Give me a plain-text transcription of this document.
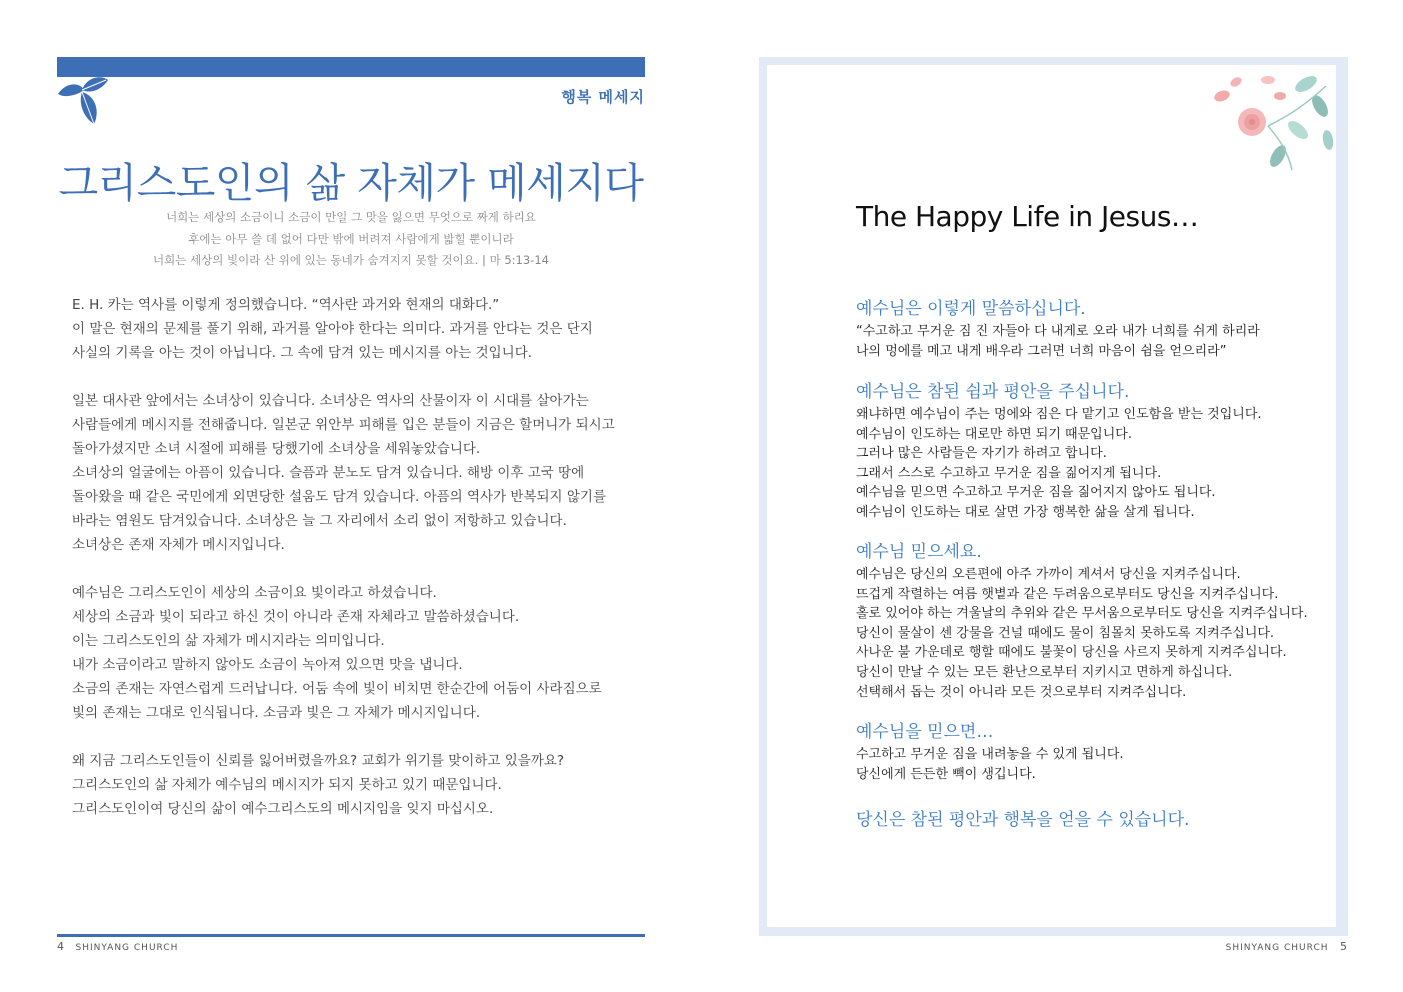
행복 메세지
그리스도인의 삶 자체가 메세지다
너희는 세상의 소금이니 소금이 만일 그 맛을 잃으면 무엇으로 짜게 하리요
후에는 아무 쓸 데 없어 다만 밖에 버려져 사람에게 밟힐 뿐이니라
너희는 세상의 빛이라 산 위에 있는 동네가 숨겨지지 못할 것이요. | 마 5:13-14

E. H. 카는 역사를 이렇게 정의했습니다. “역사란 과거와 현재의 대화다.”
이 말은 현재의 문제를 풀기 위해, 과거를 알아야 한다는 의미다. 과거를 안다는 것은 단지
사실의 기록을 아는 것이 아닙니다. 그 속에 담겨 있는 메시지를 아는 것입니다.

일본 대사관 앞에서는 소녀상이 있습니다. 소녀상은 역사의 산물이자 이 시대를 살아가는
사람들에게 메시지를 전해줍니다. 일본군 위안부 피해를 입은 분들이 지금은 할머니가 되시고
돌아가셨지만 소녀 시절에 피해를 당했기에 소녀상을 세워놓았습니다.
소녀상의 얼굴에는 아픔이 있습니다. 슬픔과 분노도 담겨 있습니다. 해방 이후 고국 땅에
돌아왔을 때 같은 국민에게 외면당한 설움도 담겨 있습니다. 아픔의 역사가 반복되지 않기를
바라는 염원도 담겨있습니다. 소녀상은 늘 그 자리에서 소리 없이 저항하고 있습니다.
소녀상은 존재 자체가 메시지입니다.

예수님은 그리스도인이 세상의 소금이요 빛이라고 하셨습니다.
세상의 소금과 빛이 되라고 하신 것이 아니라 존재 자체라고 말씀하셨습니다.
이는 그리스도인의 삶 자체가 메시지라는 의미입니다.
내가 소금이라고 말하지 않아도 소금이 녹아져 있으면 맛을 냅니다.
소금의 존재는 자연스럽게 드러납니다. 어둠 속에 빛이 비치면 한순간에 어둠이 사라짐으로
빛의 존재는 그대로 인식됩니다. 소금과 빛은 그 자체가 메시지입니다.

왜 지금 그리스도인들이 신뢰를 잃어버렸을까요? 교회가 위기를 맞이하고 있을까요?
그리스도인의 삶 자체가 예수님의 메시지가 되지 못하고 있기 때문입니다.
그리스도인이여 당신의 삶이 예수그리스도의 메시지임을 잊지 마십시오.

4 SHINYANG CHURCH
The Happy Life in Jesus…
예수님은 이렇게 말씀하십니다.
“수고하고 무거운 짐 진 자들아 다 내게로 오라 내가 너희를 쉬게 하리라
나의 멍에를 메고 내게 배우라 그러면 너희 마음이 쉼을 얻으리라”
예수님은 참된 쉼과 평안을 주십니다.
왜냐하면 예수님이 주는 멍에와 짐은 다 맡기고 인도함을 받는 것입니다.
예수님이 인도하는 대로만 하면 되기 때문입니다.
그러나 많은 사람들은 자기가 하려고 합니다.
그래서 스스로 수고하고 무거운 짐을 짊어지게 됩니다.
예수님을 믿으면 수고하고 무거운 짐을 짊어지지 않아도 됩니다.
예수님이 인도하는 대로 살면 가장 행복한 삶을 살게 됩니다.
예수님 믿으세요.
예수님은 당신의 오른편에 아주 가까이 계셔서 당신을 지켜주십니다.
뜨겁게 작렬하는 여름 햇볕과 같은 두려움으로부터도 당신을 지켜주십니다.
홀로 있어야 하는 겨울날의 추위와 같은 무서움으로부터도 당신을 지켜주십니다.
당신이 물살이 센 강물을 건널 때에도 물이 침몰치 못하도록 지켜주십니다.
사나운 불 가운데로 행할 때에도 불꽃이 당신을 사르지 못하게 지켜주십니다.
당신이 만날 수 있는 모든 환난으로부터 지키시고 면하게 하십니다.
선택해서 돕는 것이 아니라 모든 것으로부터 지켜주십니다.
예수님을 믿으면…
수고하고 무거운 짐을 내려놓을 수 있게 됩니다.
당신에게 든든한 빽이 생깁니다.
당신은 참된 평안과 행복을 얻을 수 있습니다.
SHINYANG CHURCH 5
